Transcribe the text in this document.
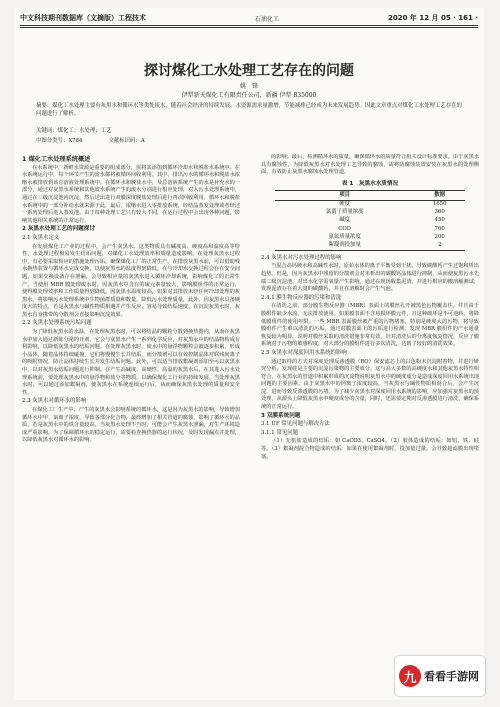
中文科技期刊数据库（文摘版）工程技术	石油化工	2020 年 12 月 05 · 161 ·
探讨煤化工水处理工艺存在的问题
姚　锋
伊犁新天煤化工有限责任公司，新疆 伊犁 835000
摘要：煤化工水处理主要有灰黑水和循环水等类处废水，随着社会经济的持续发展，水资源需求量激增，节能减排已经成为未来发展趋势。因此文章重点对煤化工水处理工艺存在的问题进行了解析。
关键词：煤化工；水处理；工艺
中图分类号：X784	文献标识码：A
1 煤化工水处理系统概述

在水系统中，新鲜水资源是重要的组成部分，需将其添加到循环冷却水和脱盐水系统中。在水系统运行中，每个环节产生的废水都将被循环回收利用。其中，排出污水的循环水和脱盐水浓缩水被排放到该总溶液处理系统中。在循环水和脱盐水中，及总溶液系统产生的水是补充水的一部分，通过对灰黑水系统和其他废水系统产生的废水分别进行相应处理，对入污水处理系统中，通过在三级沉淀池内沉淀，然后送出进行双膜深度脱盐处理后进行再次回收利用，循环水和脱盐水系统中的一部分补给水就来源于此，最后，浓缩水进入零排放系统，经结晶蒸发处理或者经过一系列处理后进入蒸发池。由于每种处理工艺只有较大不同，在运行过程中会出现各种问题，影响其他相关系统的正常运行。

2 灰黑水处理工艺的问题探讨
2.1 灰黑水定义

在发展煤化工产业的过程中，会产生灰黑水。这类物质具有碱度高、硬度高和温度高等特性，水处理过程极易发生结垢问题，对煤化工水处理效率和质量造成影响。在处理灰黑水过程中，有必要采取相应的措施处理污垢，确保煤化工厂的正常生产。在排放灰黑水前，可以借助残水换热装置与循环水完成交换，以使灰黑水的温度得到降低，在与冷却水交换过程会存在安全问题，如果交换设备存在泄漏，会导致相应量的灰黑水进入循环冷却系统，影响煤化工的正常生产，当使用 MBR 膜处理废水时，因灰黑水中含有的硫元素量较大，影响膜组件的正常运行，使得膜处理效率和工作质量得到降低。因灰黑水温度较高，如果对其排放未经任何冷却处理的灰黑水，将影响污水处理系统中生物菌群质量和数量，降低污水处理质量，此外，因灰黑水具备硬度大的特点，若是灰黑水与碱性物质相遇并产生反应，容易导致结垢速度，在沉淀灰黑水时，灰黑水自身携带的分散剂会直接影响沉淀效果。

2.2 灰黑水处理系统污垢问题

为了降低灰黑水的水温，在处理灰黑水时，可以将结晶的颗粒分散到换热器内，从而在灰黑水中加入通过新陈分泌的开剂，它会与灰黑水产生一系列化学反应，对灰黑水中的结晶物构成有利影响，以降低灰黑水的结垢问题。在处理灰黑水时，废水中的悬浮物颗粒会被逐步积累，形成小晶体，随着晶体持续碰撞，它们将慢慢生长并结垢，而分散剂可以有效控制晶体对联线间离子的吸附情况，防止晶体持续生长并发生结垢问题。此外，可以适当排放絮凝剂添加至可以灰黑水中，以对灰黑水结垢问题进行抑制。在产生高碱度、高硬性、高温的灰黑水后，在其进入污水处理系统前，要处理灰黑水中的悬浮物和盐分等物质，以确保煤化工行业的持续发展。当处理灰黑水时，可以通过添加絮凝剂，使灰黑水在系统连续运行后，从而确保灰黑水处理的质量和安全性。

2.3 灰黑水对循环水的影响

在煤化工厂生产中，产生的灰黑水会影响系统的循环水，这是因为灰黑水的影响，导致增加循环水中甲、氯离子浓度，导致各部分化合物，最终增加了相关管道的腐蚀，影响了循环水的品质，若是灰黑水中的铁含量较高，当灰黑水处理不当时，可能会产生灰黑水泄漏，对生产环境造成严重影响。为了保障循环水的稳定运行，需要检查换热器的运行状况，及时发现漏点并处理，以降低灰黑水对循环水的影响。

的影响；最后，检测循环水的质量，确保循环水的质量符合相关设计标准要求。由于灰黑水具有腐蚀性，为降低灰黑水对水处理工艺导致的腐蚀，需将防腐蚀装置安装在灰黑水的处理侧面，有效防止灰黑水腐蚀水处理管道。

表 1　灰黑水水质情况
项目	数据
硬度	1650
氯离子质量浓度	360
碱度	450
COD	760
氨氮质量浓度	200
絮凝剂投加量	2
2.4 灰黑水对污水处理过程的影响

当混合高钙硬水和高碱性水时，原始水体的离子平衡受到干扰，导致碳酸钙产生过饱和析出趋势。但是，因为灰黑水中残留的分散剂会对未析出的碳酸钙晶体进行抑制，从而使灰黑污水先端二级沉淀池，对出水化学需氧量产生影响，通过在现场收集泥渣，并进行相应的酸溶解测试，发现泥渣存在着大量的碳酸钙，并且在溶解时会产生气泡。

2.4.1 膜生物反应器的污堵和清洗

在清洗之前，部分膜生物反应器（MBR）表面上的膜丝孔开被黑色污物覆盖住，并且由于膜组件缺少水流，无法排放使用。如果膜表面不含易损坏膜元件，且这种破坏是不可逆转，将降低膜组件的使用年限。一些 MBR 表面膜丝被严重的污物堵塞，特别是硬度大的污物，将导致膜组件产生难以清洗的污垢。通过对膜表面上的污垢进行检测，发现 MBR 膜组件的产水通量恢复较为明显，说明对膜丝采取的清洗措施非常有效，针对清洗后的分离度恢复情况，反应了膜系统对于污物的敏感程度，对大部分的膜组件进行多次清洗，达到了较好的清洗效果。

2.5 灰黑水对深度回用水系统的影响

通过取样的方式对深度处理反渗透膜（RO）保安滤芯上的白色粉末沉淀附着物，并进行研究分析，发现硅是主要的沉淀污染物的主要成分，这与高大多数的高硬度水和其他灰黑水特性相符合，在灰黑水的管道中积累形成的沉淀物说明灰黑水中的硬度成分是造成深度回用水系统出现问题的主要因素。由于灰黑水中的钙离子浓度较高，当灰黑水与碱性物质相混合后，会产生沉淀，进而导致反渗透膜的污堵。为了减少灰黑水对深度回用水系统的影响，应加强对灰黑水的预处理，从源头上降低灰黑水中硬度成分的含量，同时，还需要定期对反渗透膜进行清洗，确保系统的正常运行。

3 双膜系统问题
3.1 UF 常见问题与解决方法
3.1.1 常见问题

（1）无机盐造成的结垢：如 CaCO3、CaSO4。（2）胶体造成的结垢：如铝、铁、硅等。（3）絮凝剂混合物造成的结垢：如果在使用絮凝剂时，投加量过量，会导致超滤膜出现堵塞。

九 看看手游网
